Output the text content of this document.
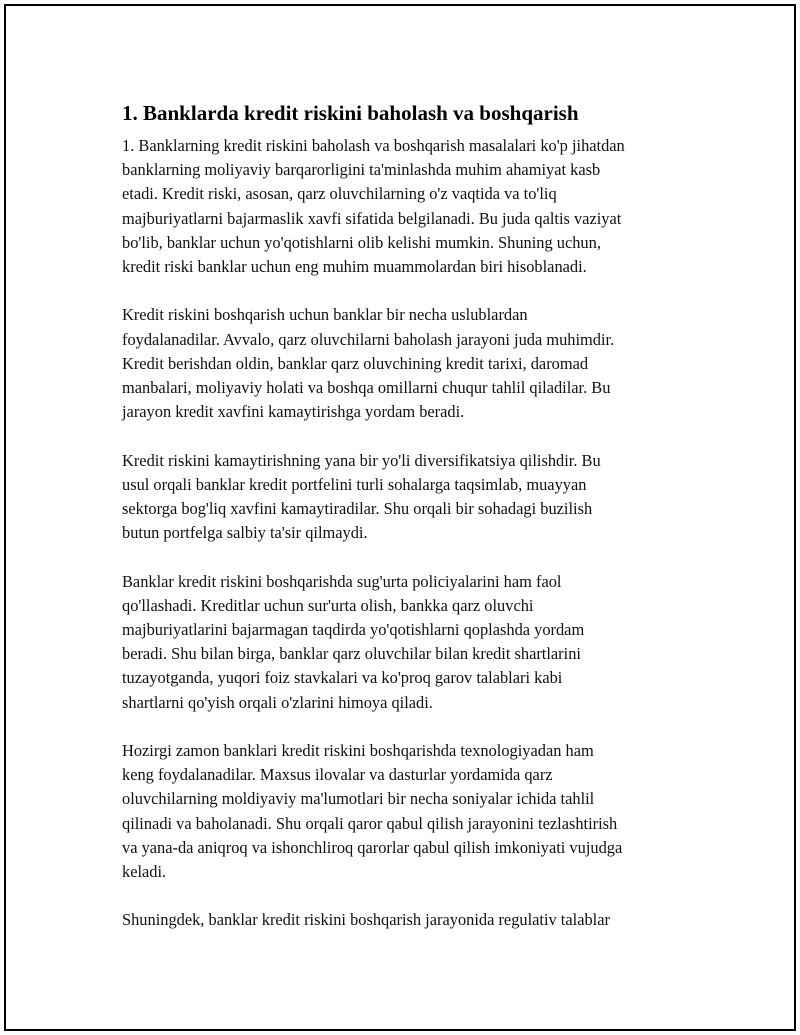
1. Banklarda kredit riskini baholash va boshqarish

1. Banklarning kredit riskini baholash va boshqarish masalalari ko'p jihatdan
banklarning moliyaviy barqarorligini ta'minlashda muhim ahamiyat kasb
etadi. Kredit riski, asosan, qarz oluvchilarning o'z vaqtida va to'liq
majburiyatlarni bajarmaslik xavfi sifatida belgilanadi. Bu juda qaltis vaziyat
bo'lib, banklar uchun yo'qotishlarni olib kelishi mumkin. Shuning uchun,
kredit riski banklar uchun eng muhim muammolardan biri hisoblanadi.

Kredit riskini boshqarish uchun banklar bir necha uslublardan
foydalanadilar. Avvalo, qarz oluvchilarni baholash jarayoni juda muhimdir.
Kredit berishdan oldin, banklar qarz oluvchining kredit tarixi, daromad
manbalari, moliyaviy holati va boshqa omillarni chuqur tahlil qiladilar. Bu
jarayon kredit xavfini kamaytirishga yordam beradi.

Kredit riskini kamaytirishning yana bir yo'li diversifikatsiya qilishdir. Bu
usul orqali banklar kredit portfelini turli sohalarga taqsimlab, muayyan
sektorga bog'liq xavfini kamaytiradilar. Shu orqali bir sohadagi buzilish
butun portfelga salbiy ta'sir qilmaydi.

Banklar kredit riskini boshqarishda sug'urta policiyalarini ham faol
qo'llashadi. Kreditlar uchun sur'urta olish, bankka qarz oluvchi
majburiyatlarini bajarmagan taqdirda yo'qotishlarni qoplashda yordam
beradi. Shu bilan birga, banklar qarz oluvchilar bilan kredit shartlarini
tuzayotganda, yuqori foiz stavkalari va ko'proq garov talablari kabi
shartlarni qo'yish orqali o'zlarini himoya qiladi.

Hozirgi zamon banklari kredit riskini boshqarishda texnologiyadan ham
keng foydalanadilar. Maxsus ilovalar va dasturlar yordamida qarz
oluvchilarning moldiyaviy ma'lumotlari bir necha soniyalar ichida tahlil
qilinadi va baholanadi. Shu orqali qaror qabul qilish jarayonini tezlashtirish
va yana-da aniqroq va ishonchliroq qarorlar qabul qilish imkoniyati vujudga
keladi.

Shuningdek, banklar kredit riskini boshqarish jarayonida regulativ talablar
